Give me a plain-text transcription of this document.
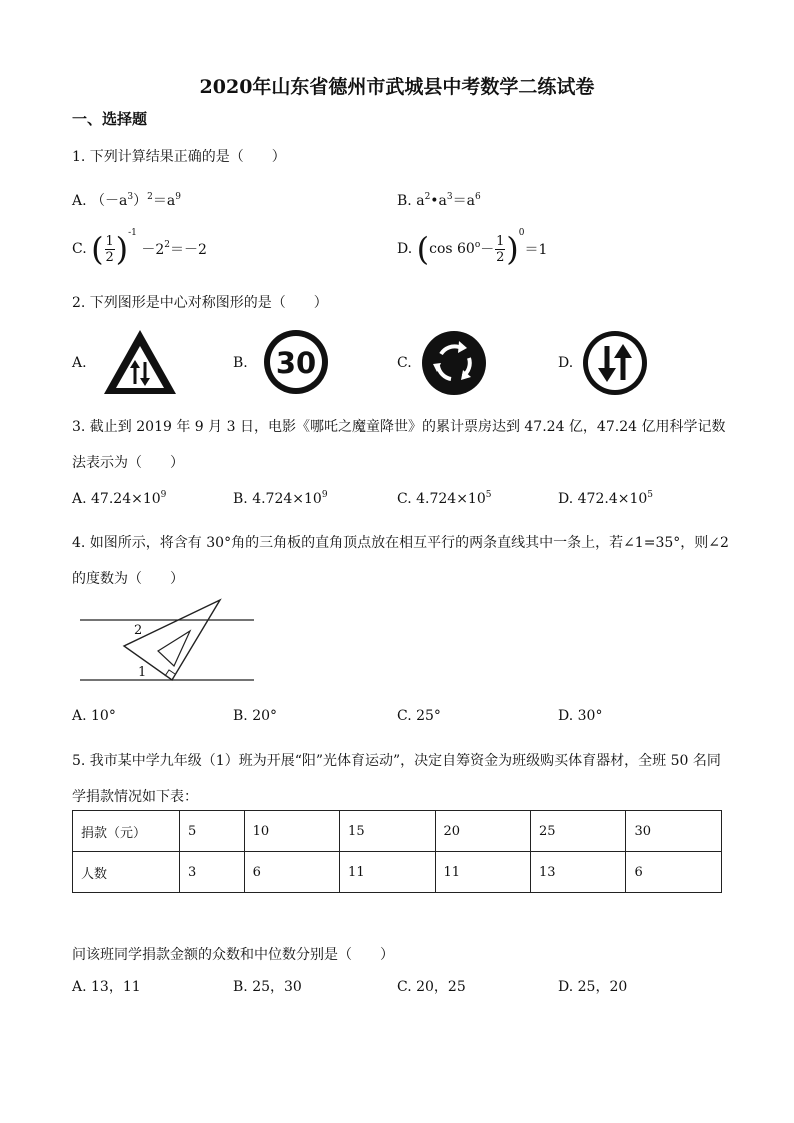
2020年山东省德州市武城县中考数学二练试卷
一、选择题
1. 下列计算结果正确的是（　　）
A. $(-a^3)^2=a^9$	B. $a^2•a^3=a^6$
C. ( $\frac{1}{2} )^{-1} -2^2=-2$	D. (cos $60^o- \frac{1}{2} )^0=1$
2. 下列图形是中心对称图形的是（　　）
A.	B. 30	C.	D.
3. 截止到 2019 年 9 月 3 日，电影《哪吒之魔童降世》的累计票房达到 47.24 亿，47.24 亿用科学记数
法表示为（　　）
A. $47.24\times 10^9$	B. $4.724\times 10^9$	C. $4.724\times 10^5$	D. $472.4\times 10^5$
4. 如图所示，将含有 30°角的三角板的直角顶点放在相互平行的两条直线其中一条上，若∠1=35°，则∠2
的度数为（　　）
2
1
A. 10°	B. 20°	C. 25°	D. 30°
5. 我市某中学九年级（1）班为开展“阳”光体育运动”，决定自筹资金为班级购买体育器材，全班 50 名同
学捐款情况如下表：
捐款（元）	5	10	15	20	25	30
人数	3	6	11	11	13	6
问该班同学捐款金额的众数和中位数分别是（　　）
A. 13，11	B. 25，30	C. 20，25	D. 25，20
